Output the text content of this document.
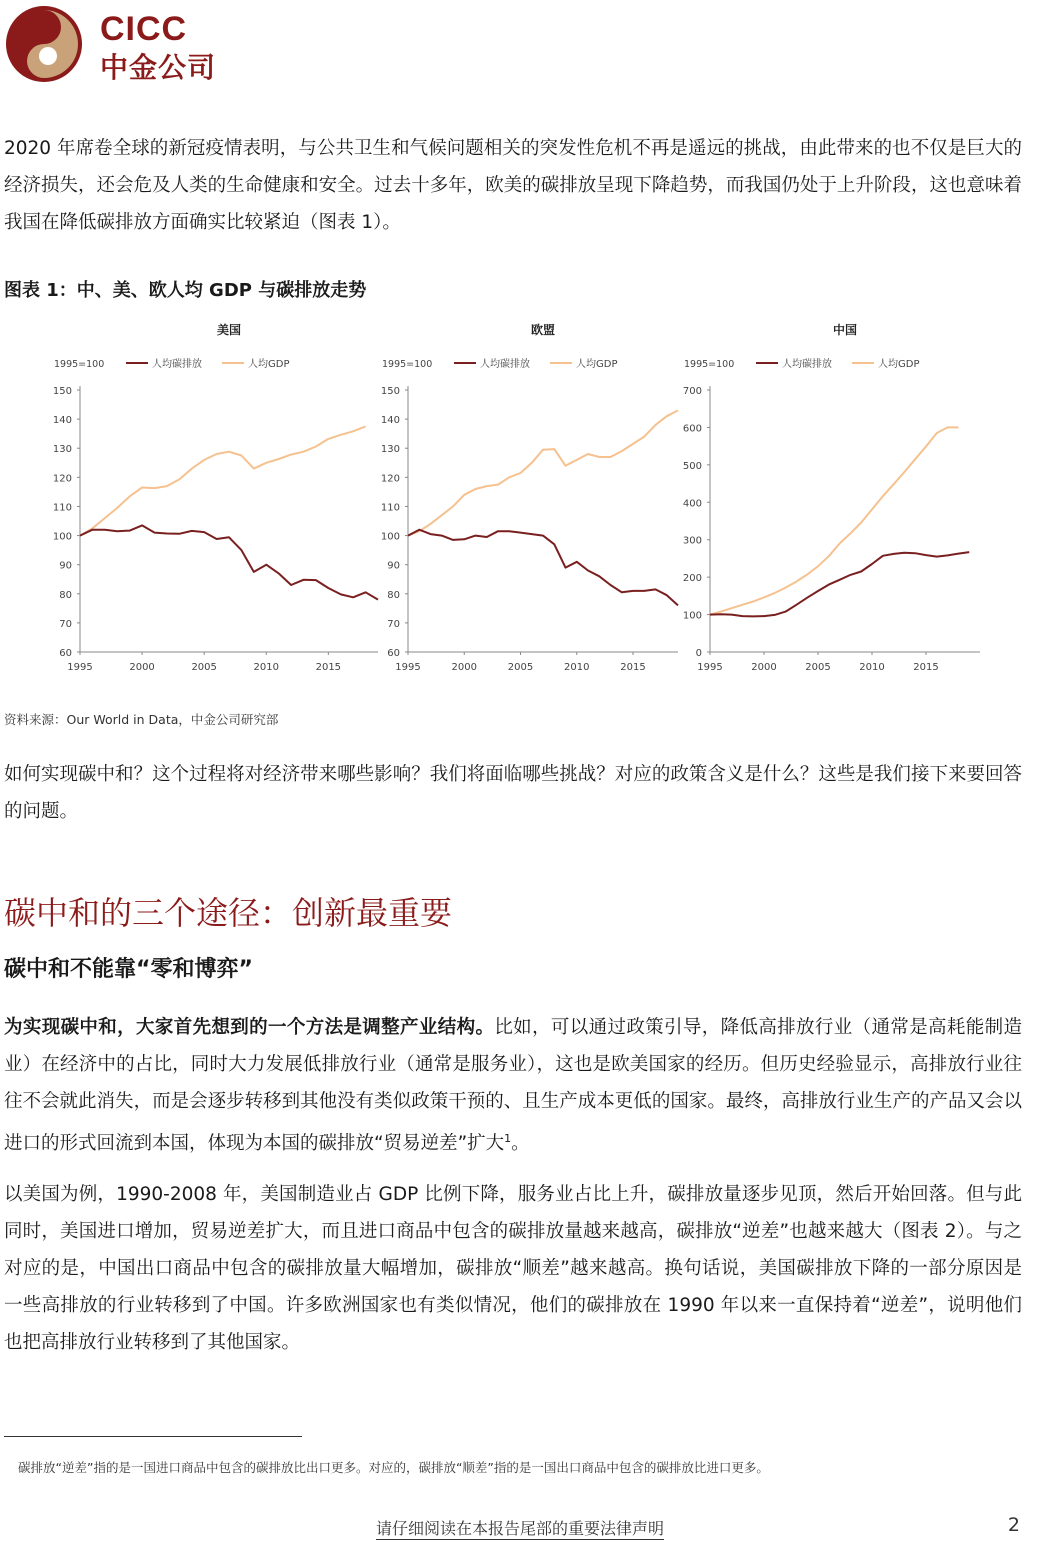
CICC
中金公司

2020 年席卷全球的新冠疫情表明，与公共卫生和气候问题相关的突发性危机不再是遥远的挑战，由此带来的也不仅是巨大的经济损失，还会危及人类的生命健康和安全。过去十多年，欧美的碳排放呈现下降趋势，而我国仍处于上升阶段，这也意味着我国在降低碳排放方面确实比较紧迫（图表 1）。

图表 1：中、美、欧人均 GDP 与碳排放走势

美国
1995=100	人均碳排放	人均GDP
60
70
80
90
100
110
120
130
140
150
1995	2000	2005	2010	2015
欧盟
1995=100	人均碳排放	人均GDP
60
70
80
90
100
110
120
130
140
150
1995	2000	2005	2010	2015
中国
1995=100	人均碳排放	人均GDP
0
100
200
300
400
500
600
700
1995	2000	2005	2010	2015

资料来源：Our World in Data，中金公司研究部

如何实现碳中和？这个过程将对经济带来哪些影响？我们将面临哪些挑战？对应的政策含义是什么？这些是我们接下来要回答的问题。

碳中和的三个途径：创新最重要
碳中和不能靠“零和博弈”

为实现碳中和，大家首先想到的一个方法是调整产业结构。比如，可以通过政策引导，降低高排放行业（通常是高耗能制造业）在经济中的占比，同时大力发展低排放行业（通常是服务业），这也是欧美国家的经历。但历史经验显示，高排放行业往往不会就此消失，而是会逐步转移到其他没有类似政策干预的、且生产成本更低的国家。最终，高排放行业生产的产品又会以进口的形式回流到本国，体现为本国的碳排放“贸易逆差”扩大$^1$。

以美国为例，1990-2008 年，美国制造业占 GDP 比例下降，服务业占比上升，碳排放量逐步见顶，然后开始回落。但与此同时，美国进口增加，贸易逆差扩大，而且进口商品中包含的碳排放量越来越高，碳排放“逆差”也越来越大（图表 2）。与之对应的是，中国出口商品中包含的碳排放量大幅增加，碳排放“顺差”越来越高。换句话说，美国碳排放下降的一部分原因是一些高排放的行业转移到了中国。许多欧洲国家也有类似情况，他们的碳排放在 1990 年以来一直保持着“逆差”，说明他们也把高排放行业转移到了其他国家。

碳排放“逆差”指的是一国进口商品中包含的碳排放比出口更多。对应的，碳排放“顺差”指的是一国出口商品中包含的碳排放比进口更多。

请仔细阅读在本报告尾部的重要法律声明	2
